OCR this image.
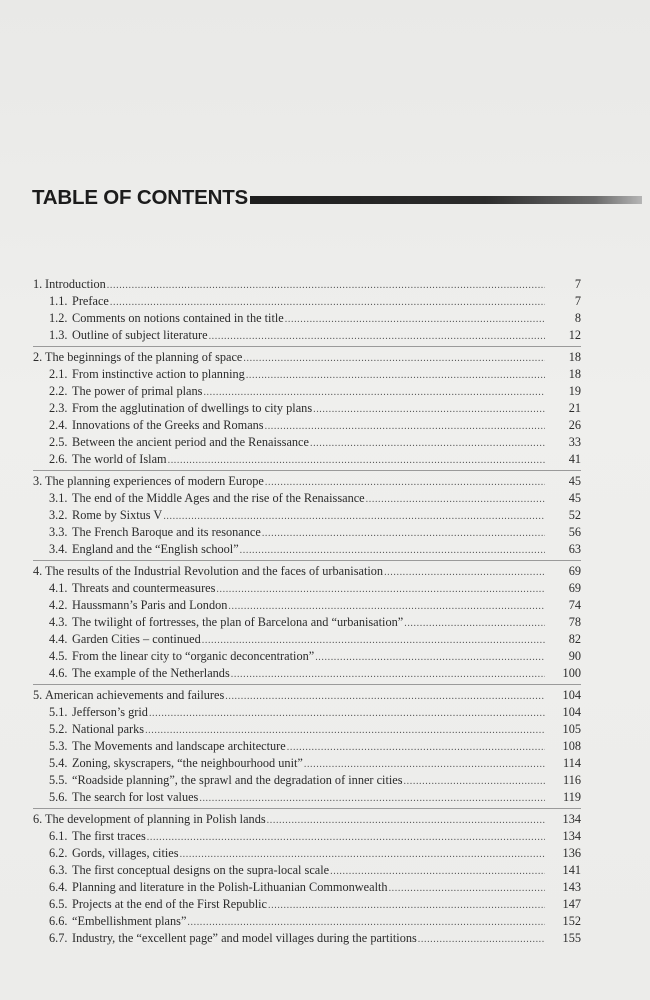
TABLE OF CONTENTS
1. Introduction .....	7
1.1. Preface .....	7
1.2. Comments on notions contained in the title .....	8
1.3. Outline of subject literature .....	12
2. The beginnings of the planning of space .....	18
2.1. From instinctive action to planning .....	18
2.2. The power of primal plans .....	19
2.3. From the agglutination of dwellings to city plans .....	21
2.4. Innovations of the Greeks and Romans .....	26
2.5. Between the ancient period and the Renaissance .....	33
2.6. The world of Islam .....	41
3. The planning experiences of modern Europe .....	45
3.1. The end of the Middle Ages and the rise of the Renaissance .....	45
3.2. Rome by Sixtus V .....	52
3.3. The French Baroque and its resonance .....	56
3.4. England and the “English school” .....	63
4. The results of the Industrial Revolution and the faces of urbanisation .....	69
4.1. Threats and countermeasures .....	69
4.2. Haussmann’s Paris and London .....	74
4.3. The twilight of fortresses, the plan of Barcelona and “urbanisation” .....	78
4.4. Garden Cities – continued .....	82
4.5. From the linear city to “organic deconcentration” .....	90
4.6. The example of the Netherlands .....	100
5. American achievements and failures .....	104
5.1. Jefferson’s grid .....	104
5.2. National parks .....	105
5.3. The Movements and landscape architecture .....	108
5.4. Zoning, skyscrapers, “the neighbourhood unit” .....	114
5.5. “Roadside planning”, the sprawl and the degradation of inner cities .....	116
5.6. The search for lost values .....	119
6. The development of planning in Polish lands .....	134
6.1. The first traces .....	134
6.2. Gords, villages, cities .....	136
6.3. The first conceptual designs on the supra-local scale .....	141
6.4. Planning and literature in the Polish-Lithuanian Commonwealth .....	143
6.5. Projects at the end of the First Republic .....	147
6.6. “Embellishment plans” .....	152
6.7. Industry, the “excellent page” and model villages during the partitions .....	155
